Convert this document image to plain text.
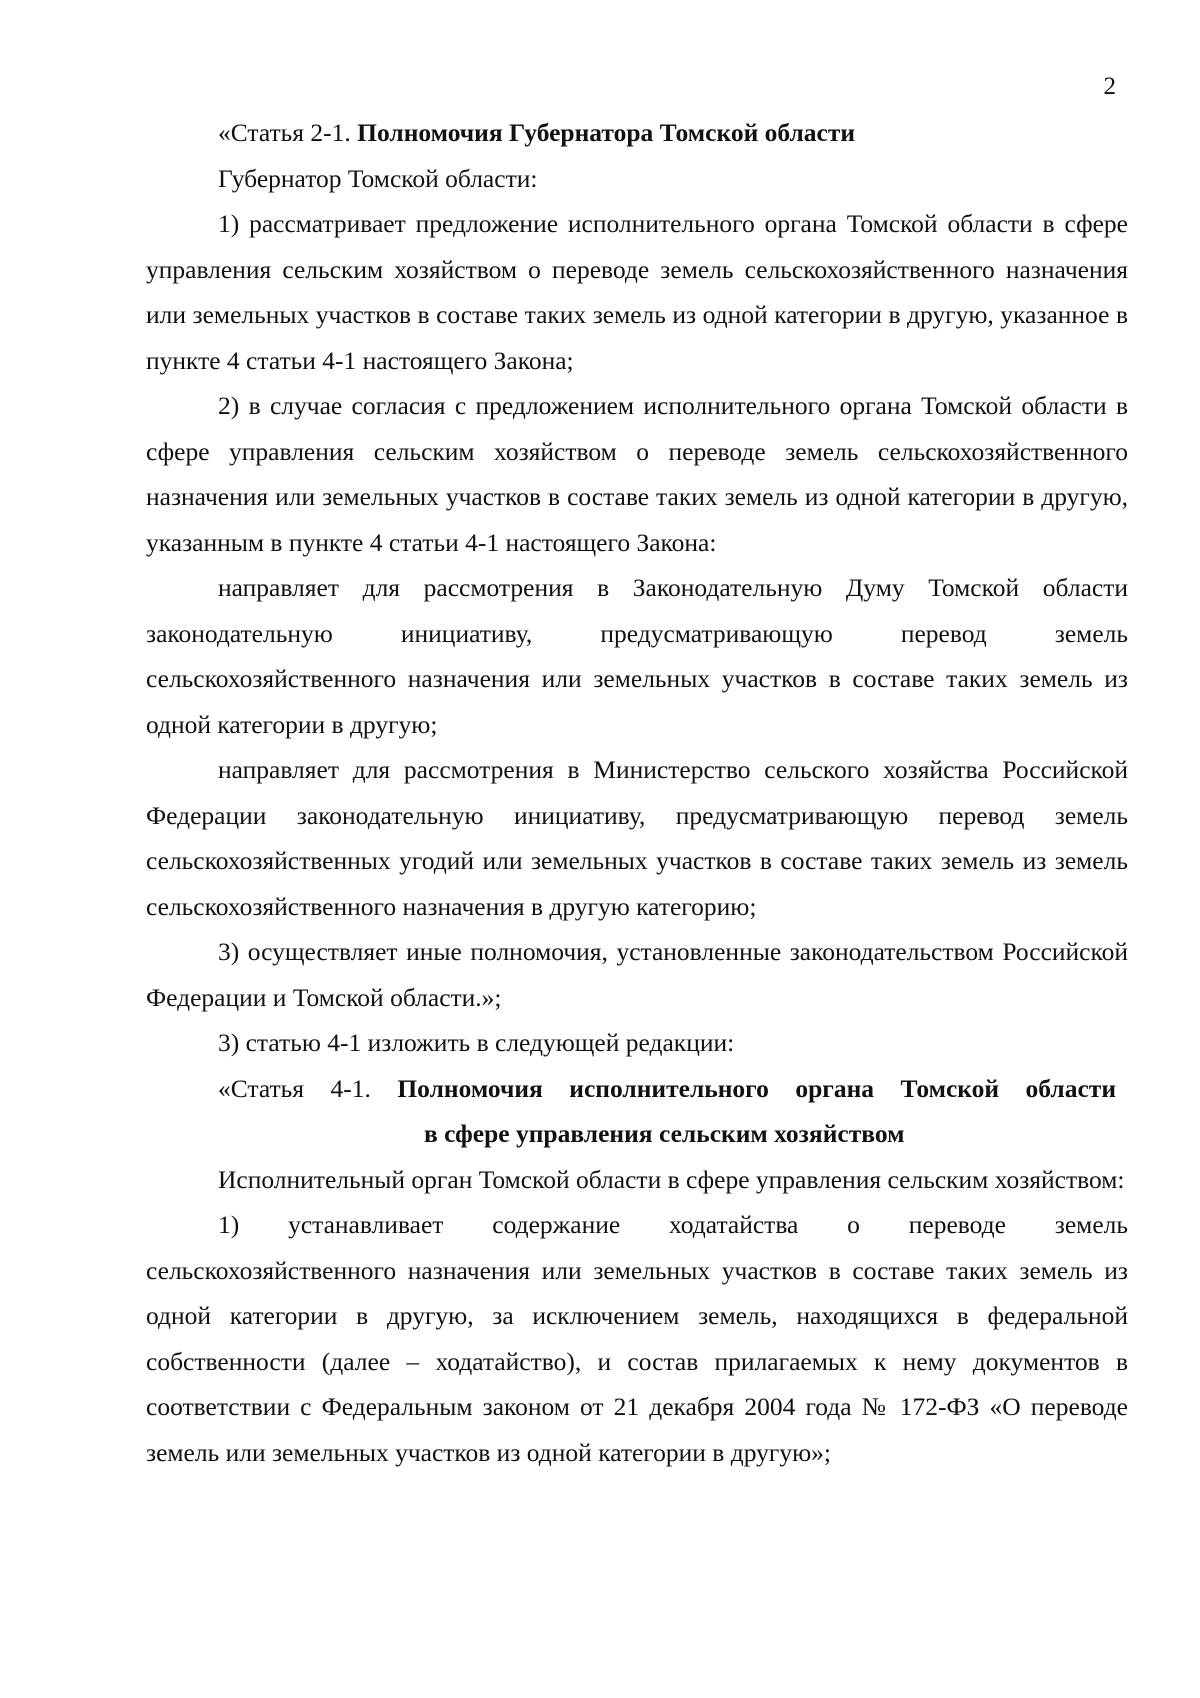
2

«Статья 2-1. Полномочия Губернатора Томской области

Губернатор Томской области:

1) рассматривает предложение исполнительного органа Томской области в сфере управления сельским хозяйством о переводе земель сельскохозяйственного назначения или земельных участков в составе таких земель из одной категории в другую, указанное в пункте 4 статьи 4-1 настоящего Закона;

2) в случае согласия с предложением исполнительного органа Томской области в сфере управления сельским хозяйством о переводе земель сельскохозяйственного назначения или земельных участков в составе таких земель из одной категории в другую, указанным в пункте 4 статьи 4-1 настоящего Закона:

направляет для рассмотрения в Законодательную Думу Томской области законодательную инициативу, предусматривающую перевод земель сельскохозяйственного назначения или земельных участков в составе таких земель из одной категории в другую;

направляет для рассмотрения в Министерство сельского хозяйства Российской Федерации законодательную инициативу, предусматривающую перевод земель сельскохозяйственных угодий или земельных участков в составе таких земель из земель сельскохозяйственного назначения в другую категорию;

3) осуществляет иные полномочия, установленные законодательством Российской Федерации и Томской области.»;

3) статью 4-1 изложить в следующей редакции:

«Статья 4-1. Полномочия исполнительного органа Томской области

в сфере управления сельским хозяйством

Исполнительный орган Томской области в сфере управления сельским хозяйством:

1) устанавливает содержание ходатайства о переводе земель сельскохозяйственного назначения или земельных участков в составе таких земель из одной категории в другую, за исключением земель, находящихся в федеральной собственности (далее – ходатайство), и состав прилагаемых к нему документов в соответствии с Федеральным законом от 21 декабря 2004 года № 172-ФЗ «О переводе земель или земельных участков из одной категории в другую»;
